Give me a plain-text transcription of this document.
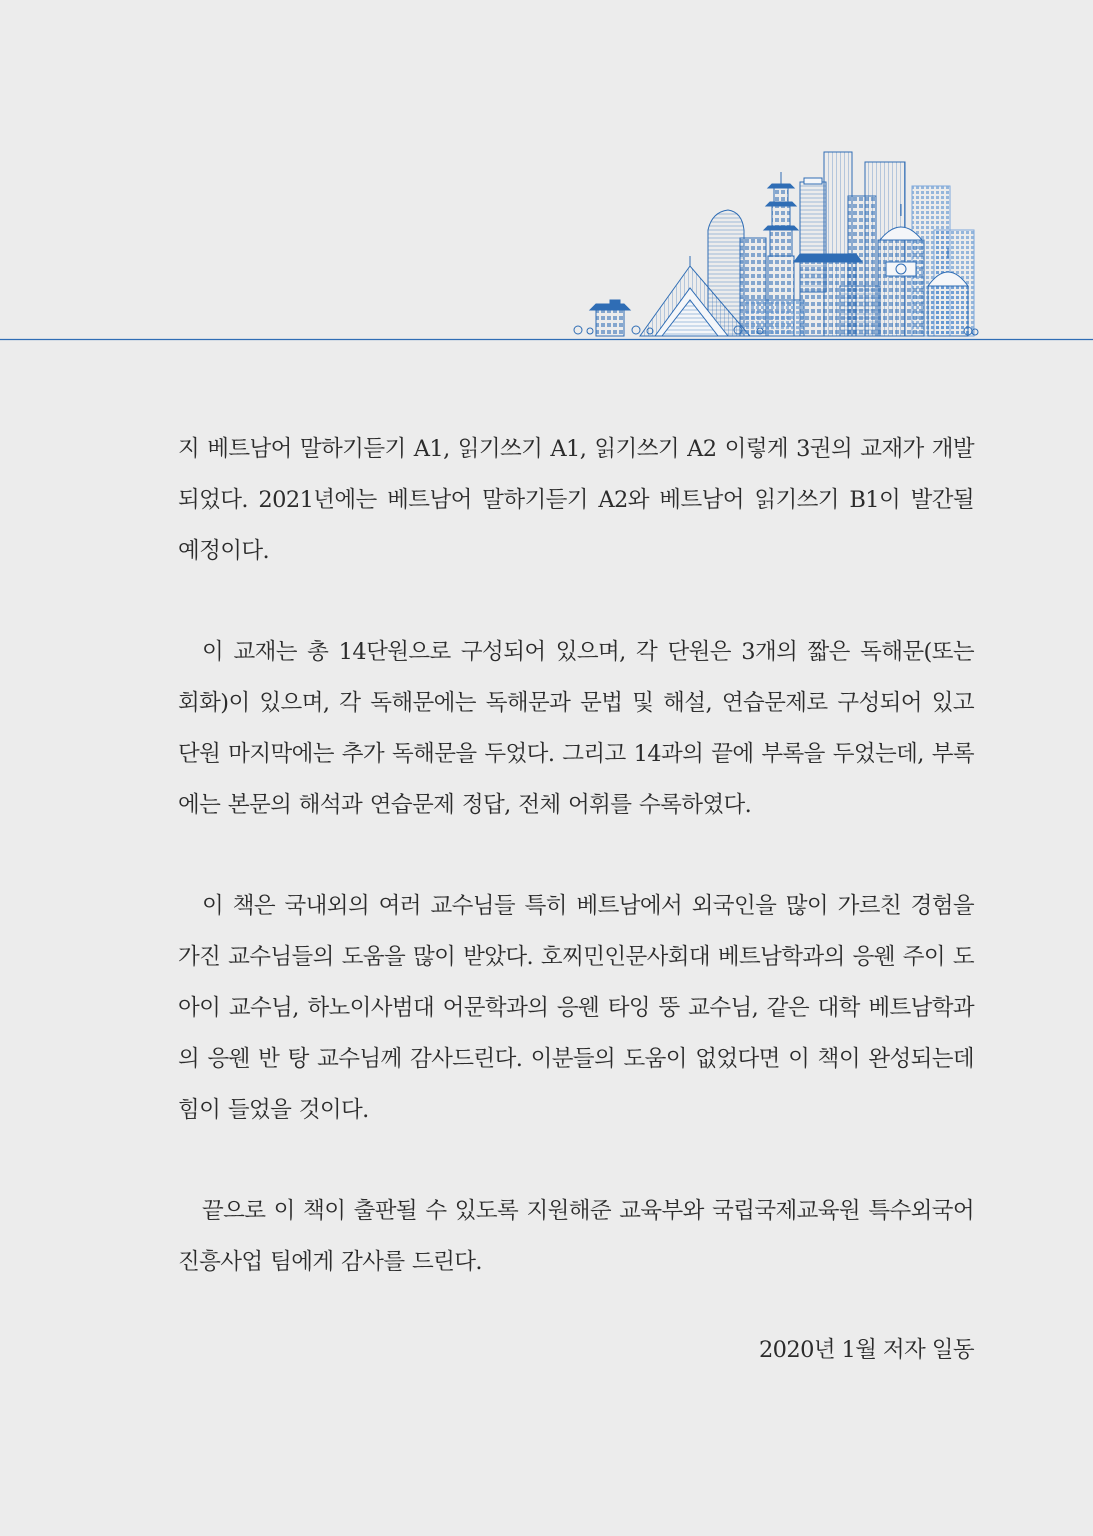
지 베트남어 말하기듣기 A1, 읽기쓰기 A1, 읽기쓰기 A2 이렇게 3권의 교재가 개발되었다. 2021년에는 베트남어 말하기듣기 A2와 베트남어 읽기쓰기 B1이 발간될 예정이다.

이 교재는 총 14단원으로 구성되어 있으며, 각 단원은 3개의 짧은 독해문(또는 회화)이 있으며, 각 독해문에는 독해문과 문법 및 해설, 연습문제로 구성되어 있고 단원 마지막에는 추가 독해문을 두었다. 그리고 14과의 끝에 부록을 두었는데, 부록에는 본문의 해석과 연습문제 정답, 전체 어휘를 수록하였다.

이 책은 국내외의 여러 교수님들 특히 베트남에서 외국인을 많이 가르친 경험을 가진 교수님들의 도움을 많이 받았다. 호찌민인문사회대 베트남학과의 응웬 주이 도아이 교수님, 하노이사범대 어문학과의 응웬 타잉 뚱 교수님, 같은 대학 베트남학과의 응웬 반 탕 교수님께 감사드린다. 이분들의 도움이 없었다면 이 책이 완성되는데 힘이 들었을 것이다.

끝으로 이 책이 출판될 수 있도록 지원해준 교육부와 국립국제교육원 특수외국어진흥사업 팀에게 감사를 드린다.

2020년 1월 저자 일동
